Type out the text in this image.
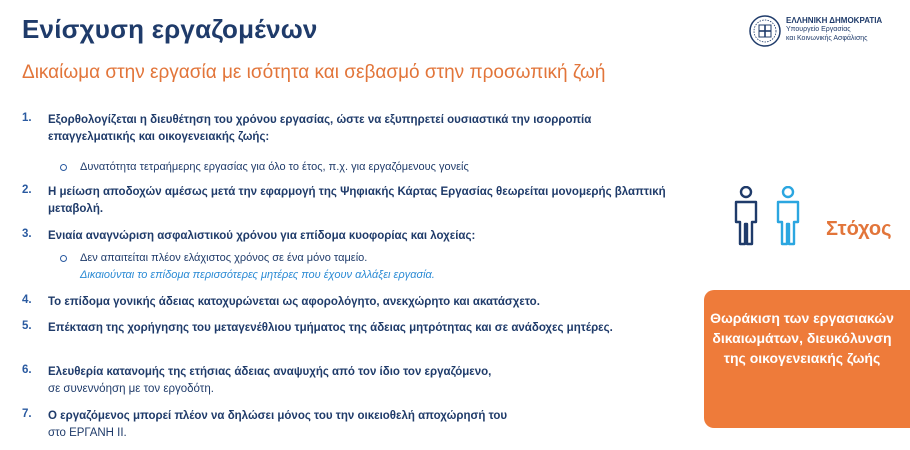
Ενίσχυση εργαζομένων

Δικαίωμα στην εργασία με ισότητα και σεβασμό στην προσωπική ζωή

ΕΛΛΗΝΙΚΗ ΔΗΜΟΚΡΑΤΙΑ
Υπουργείο Εργασίας
και Κοινωνικής Ασφάλισης
1. Εξορθολογίζεται η διευθέτηση του χρόνου εργασίας, ώστε να εξυπηρετεί ουσιαστικά την ισορροπία επαγγελματικής και οικογενειακής ζωής:
Δυνατότητα τετραήμερης εργασίας για όλο το έτος, π.χ. για εργαζόμενους γονείς
2. Η μείωση αποδοχών αμέσως μετά την εφαρμογή της Ψηφιακής Κάρτας Εργασίας θεωρείται μονομερής βλαπτική μεταβολή.
3. Ενιαία αναγνώριση ασφαλιστικού χρόνου για επίδομα κυοφορίας και λοχείας:
Δεν απαιτείται πλέον ελάχιστος χρόνος σε ένα μόνο ταμείο.
Δικαιούνται το επίδομα περισσότερες μητέρες που έχουν αλλάξει εργασία.
4. Το επίδομα γονικής άδειας κατοχυρώνεται ως αφορολόγητο, ανεκχώρητο και ακατάσχετο.
5. Επέκταση της χορήγησης του μεταγενέθλιου τμήματος της άδειας μητρότητας και σε ανάδοχες μητέρες.
6. Ελευθερία κατανομής της ετήσιας άδειας αναψυχής από τον ίδιο τον εργαζόμενο,
σε συνεννόηση με τον εργοδότη.
7. Ο εργαζόμενος μπορεί πλέον να δηλώσει μόνος του την οικειοθελή αποχώρησή του
στο ΕΡΓΑΝΗ ΙΙ.
Στόχος
Θωράκιση των εργασιακών δικαιωμάτων, διευκόλυνση της οικογενειακής ζωής
